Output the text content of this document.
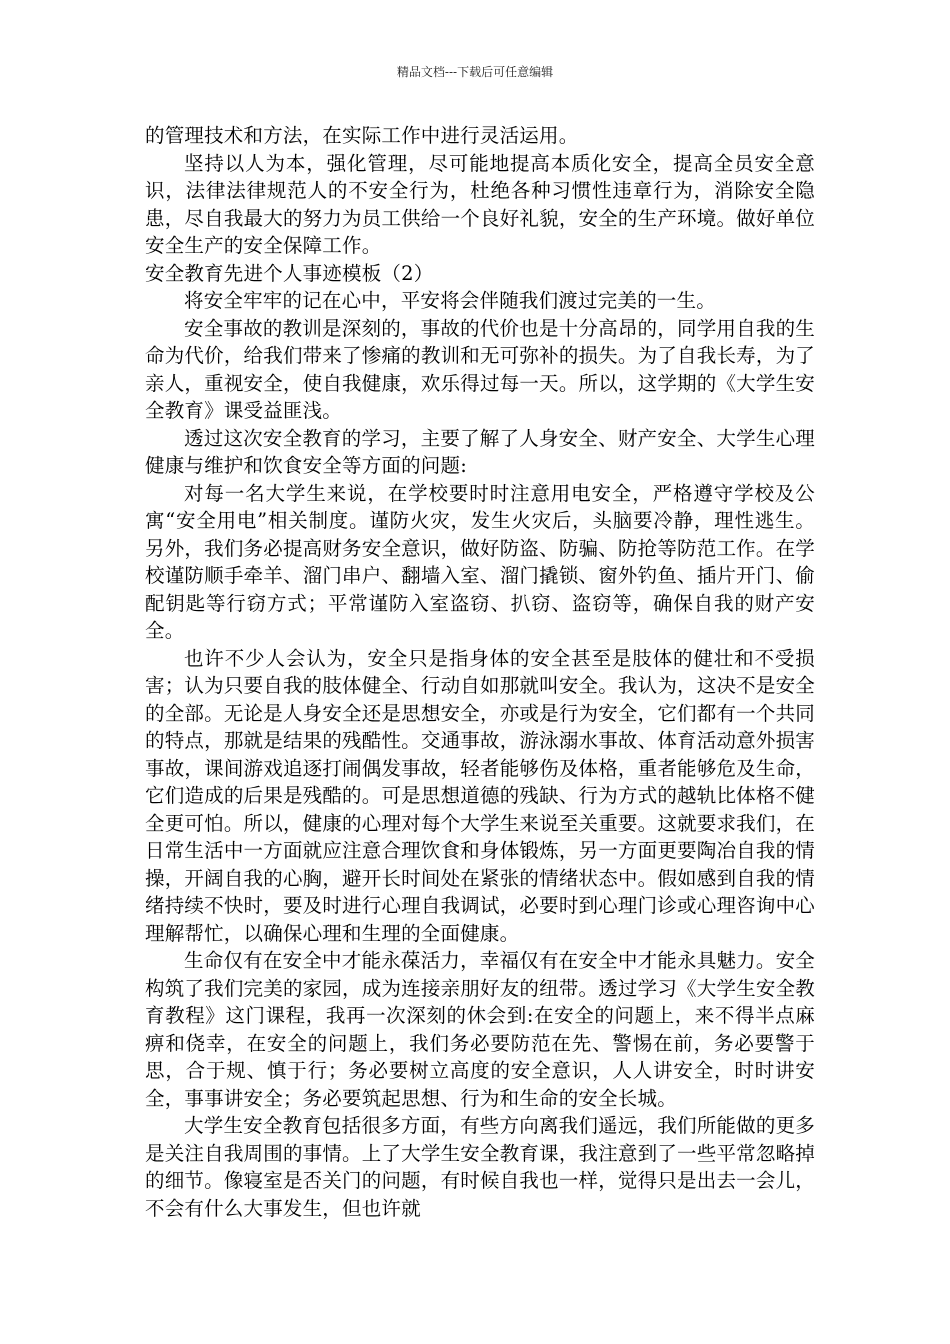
精品文档---下载后可任意编辑

的管理技术和方法，在实际工作中进行灵活运用。

坚持以人为本，强化管理，尽可能地提高本质化安全，提高全员安全意识，法律法律规范人的不安全行为，杜绝各种习惯性违章行为，消除安全隐患，尽自我最大的努力为员工供给一个良好礼貌，安全的生产环境。做好单位安全生产的安全保障工作。

安全教育先进个人事迹模板（2）

将安全牢牢的记在心中，平安将会伴随我们渡过完美的一生。

安全事故的教训是深刻的，事故的代价也是十分高昂的，同学用自我的生命为代价，给我们带来了惨痛的教训和无可弥补的损失。为了自我长寿，为了亲人，重视安全，使自我健康，欢乐得过每一天。所以，这学期的《大学生安全教育》课受益匪浅。

透过这次安全教育的学习，主要了解了人身安全、财产安全、大学生心理健康与维护和饮食安全等方面的问题:

对每一名大学生来说，在学校要时时注意用电安全，严格遵守学校及公寓“安全用电”相关制度。谨防火灾，发生火灾后，头脑要冷静，理性逃生。另外，我们务必提高财务安全意识，做好防盗、防骗、防抢等防范工作。在学校谨防顺手牵羊、溜门串户、翻墙入室、溜门撬锁、窗外钓鱼、插片开门、偷配钥匙等行窃方式；平常谨防入室盗窃、扒窃、盗窃等，确保自我的财产安全。

也许不少人会认为，安全只是指身体的安全甚至是肢体的健壮和不受损害；认为只要自我的肢体健全、行动自如那就叫安全。我认为，这决不是安全的全部。无论是人身安全还是思想安全，亦或是行为安全，它们都有一个共同的特点，那就是结果的残酷性。交通事故，游泳溺水事故、体育活动意外损害事故，课间游戏追逐打闹偶发事故，轻者能够伤及体格，重者能够危及生命，它们造成的后果是残酷的。可是思想道德的残缺、行为方式的越轨比体格不健全更可怕。所以，健康的心理对每个大学生来说至关重要。这就要求我们，在日常生活中一方面就应注意合理饮食和身体锻炼，另一方面更要陶冶自我的情操，开阔自我的心胸，避开长时间处在紧张的情绪状态中。假如感到自我的情绪持续不快时，要及时进行心理自我调试，必要时到心理门诊或心理咨询中心理解帮忙，以确保心理和生理的全面健康。

生命仅有在安全中才能永葆活力，幸福仅有在安全中才能永具魅力。安全构筑了我们完美的家园，成为连接亲朋好友的纽带。透过学习《大学生安全教育教程》这门课程，我再一次深刻的休会到:在安全的问题上，来不得半点麻痹和侥幸，在安全的问题上，我们务必要防范在先、警惕在前，务必要警于思，合于规、慎于行；务必要树立高度的安全意识，人人讲安全，时时讲安全，事事讲安全；务必要筑起思想、行为和生命的安全长城。

大学生安全教育包括很多方面，有些方向离我们遥远，我们所能做的更多是关注自我周围的事情。上了大学生安全教育课，我注意到了一些平常忽略掉的细节。像寝室是否关门的问题，有时候自我也一样，觉得只是出去一会儿，不会有什么大事发生，但也许就
